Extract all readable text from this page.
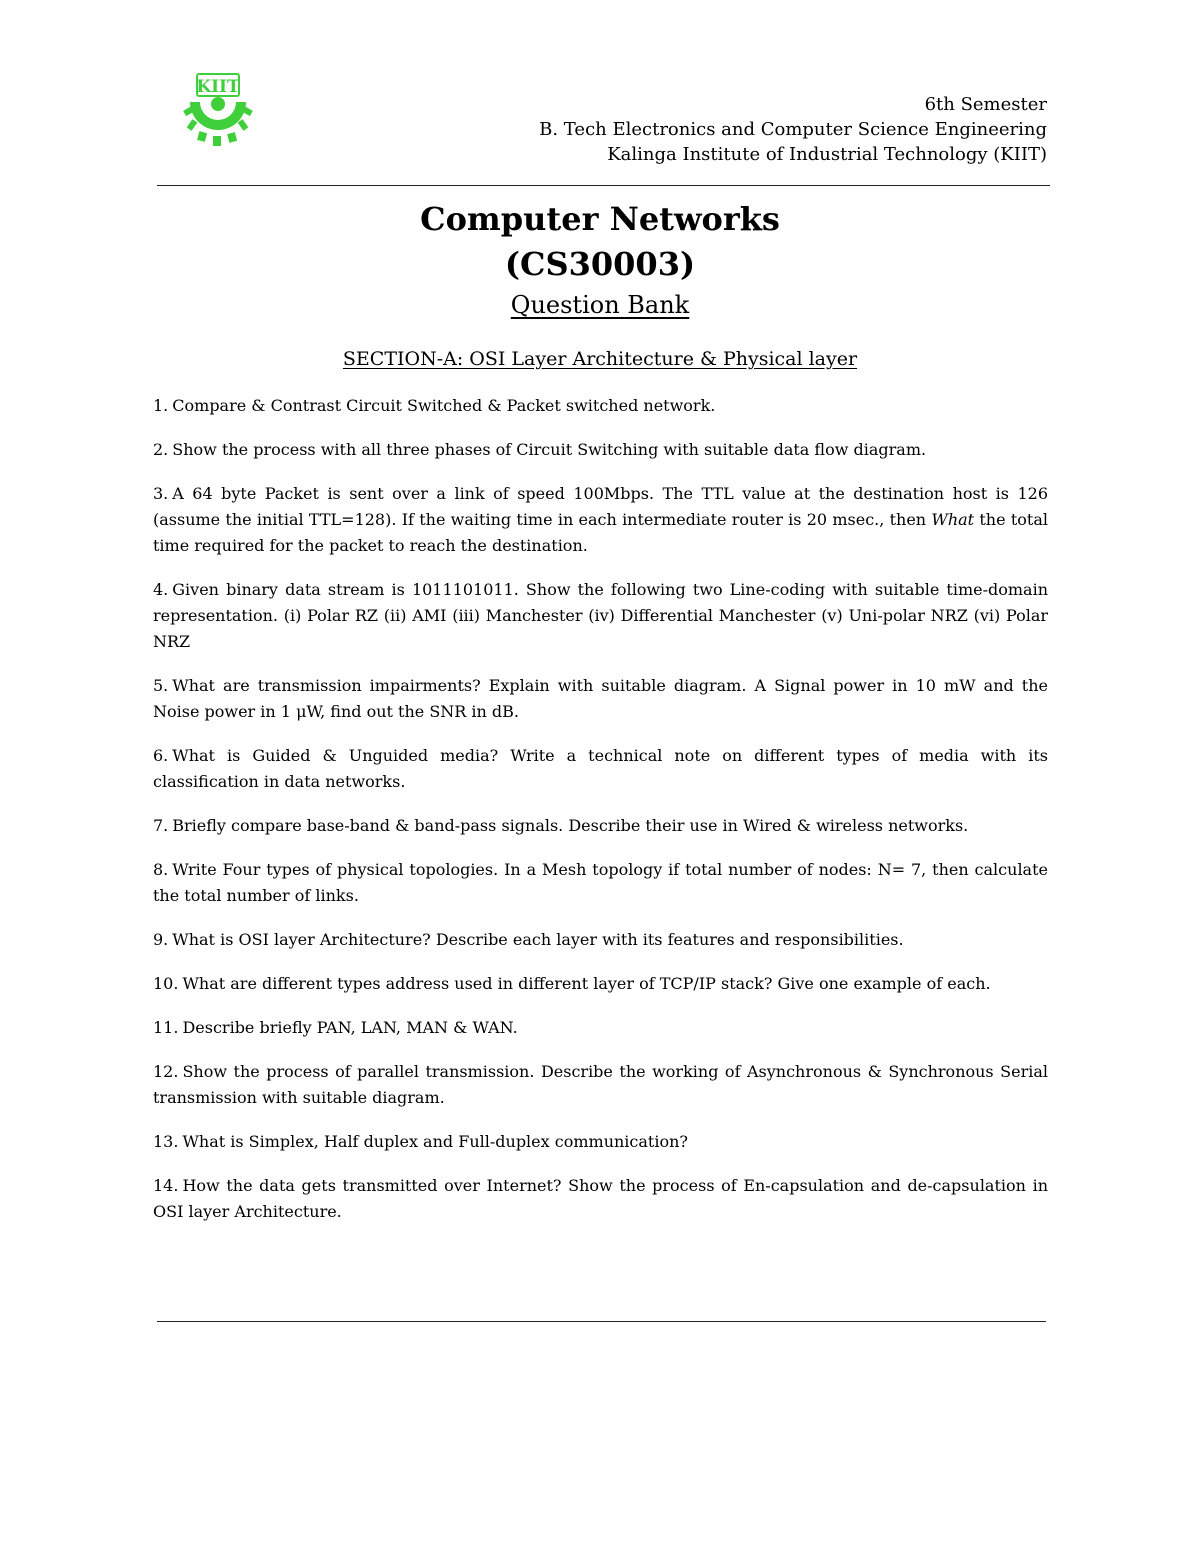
KIIT
6th Semester
B. Tech Electronics and Computer Science Engineering
Kalinga Institute of Industrial Technology (KIIT)
Computer Networks
(CS30003)
Question Bank
SECTION-A: OSI Layer Architecture & Physical layer

1. Compare & Contrast Circuit Switched & Packet switched network.

2. Show the process with all three phases of Circuit Switching with suitable data flow diagram.

3. A 64 byte Packet is sent over a link of speed 100Mbps. The TTL value at the destination host is 126 (assume the initial TTL=128). If the waiting time in each intermediate router is 20 msec., then What the total time required for the packet to reach the destination.

4. Given binary data stream is 1011101011. Show the following two Line-coding with suitable time-domain representation. (i) Polar RZ (ii) AMI (iii) Manchester (iv) Differential Manchester (v) Uni-polar NRZ (vi) Polar NRZ

5. What are transmission impairments? Explain with suitable diagram. A Signal power in 10 mW and the Noise power in 1 μW, find out the SNR in dB.

6. What is Guided & Unguided media? Write a technical note on different types of media with its classification in data networks.

7. Briefly compare base-band & band-pass signals. Describe their use in Wired & wireless networks.

8. Write Four types of physical topologies. In a Mesh topology if total number of nodes: N= 7, then calculate the total number of links.

9. What is OSI layer Architecture? Describe each layer with its features and responsibilities.

10. What are different types address used in different layer of TCP/IP stack? Give one example of each.

11. Describe briefly PAN, LAN, MAN & WAN.

12. Show the process of parallel transmission. Describe the working of Asynchronous & Synchronous Serial transmission with suitable diagram.

13. What is Simplex, Half duplex and Full-duplex communication?

14. How the data gets transmitted over Internet? Show the process of En-capsulation and de-capsulation in OSI layer Architecture.
